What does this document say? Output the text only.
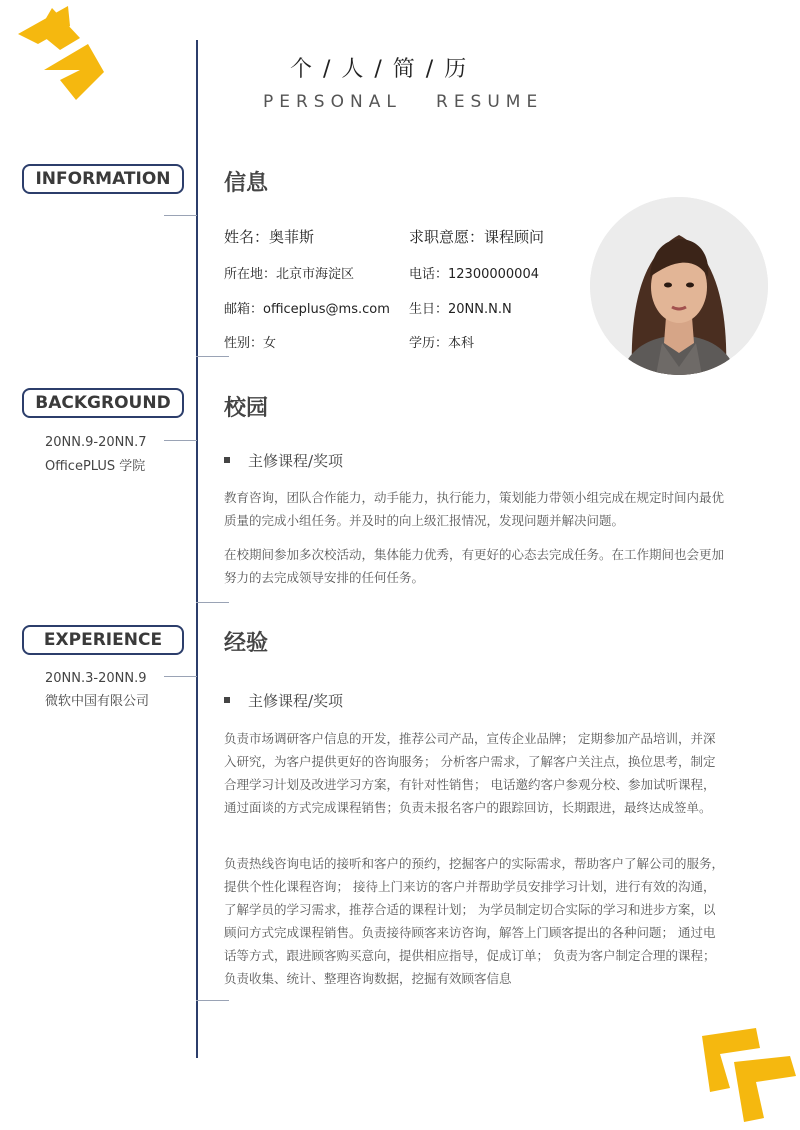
个 / 人 / 简 / 历
PERSONAL   RESUME
INFORMATION	信息
姓名：奥菲斯	求职意愿：课程顾问
所在地：北京市海淀区	电话：12300000004
邮箱：officeplus@ms.com 生日：20NN.N.N
性别：女	学历：本科
BACKGROUND	校园
20NN.9-20NN.7
OfficePLUS 学院	主修课程/奖项
教育咨询，团队合作能力，动手能力，执行能力，策划能力带领小组完成在规定时间内最优质量的完成小组任务。并及时的向上级汇报情况，发现问题并解决问题。
在校期间参加多次校活动，集体能力优秀，有更好的心态去完成任务。在工作期间也会更加努力的去完成领导安排的任何任务。
EXPERIENCE	经验
20NN.3-20NN.9
微软中国有限公司	主修课程/奖项
负责市场调研客户信息的开发，推荐公司产品，宣传企业品牌； 定期参加产品培训，并深入研究，为客户提供更好的咨询服务； 分析客户需求，了解客户关注点，换位思考，制定合理学习计划及改进学习方案，有针对性销售； 电话邀约客户参观分校、参加试听课程，通过面谈的方式完成课程销售；负责未报名客户的跟踪回访，长期跟进，最终达成签单。
负责热线咨询电话的接听和客户的预约，挖掘客户的实际需求，帮助客户了解公司的服务，提供个性化课程咨询； 接待上门来访的客户并帮助学员安排学习计划，进行有效的沟通，了解学员的学习需求，推荐合适的课程计划； 为学员制定切合实际的学习和进步方案，以顾问方式完成课程销售。负责接待顾客来访咨询，解答上门顾客提出的各种问题； 通过电话等方式，跟进顾客购买意向，提供相应指导，促成订单； 负责为客户制定合理的课程； 负责收集、统计、整理咨询数据，挖掘有效顾客信息
